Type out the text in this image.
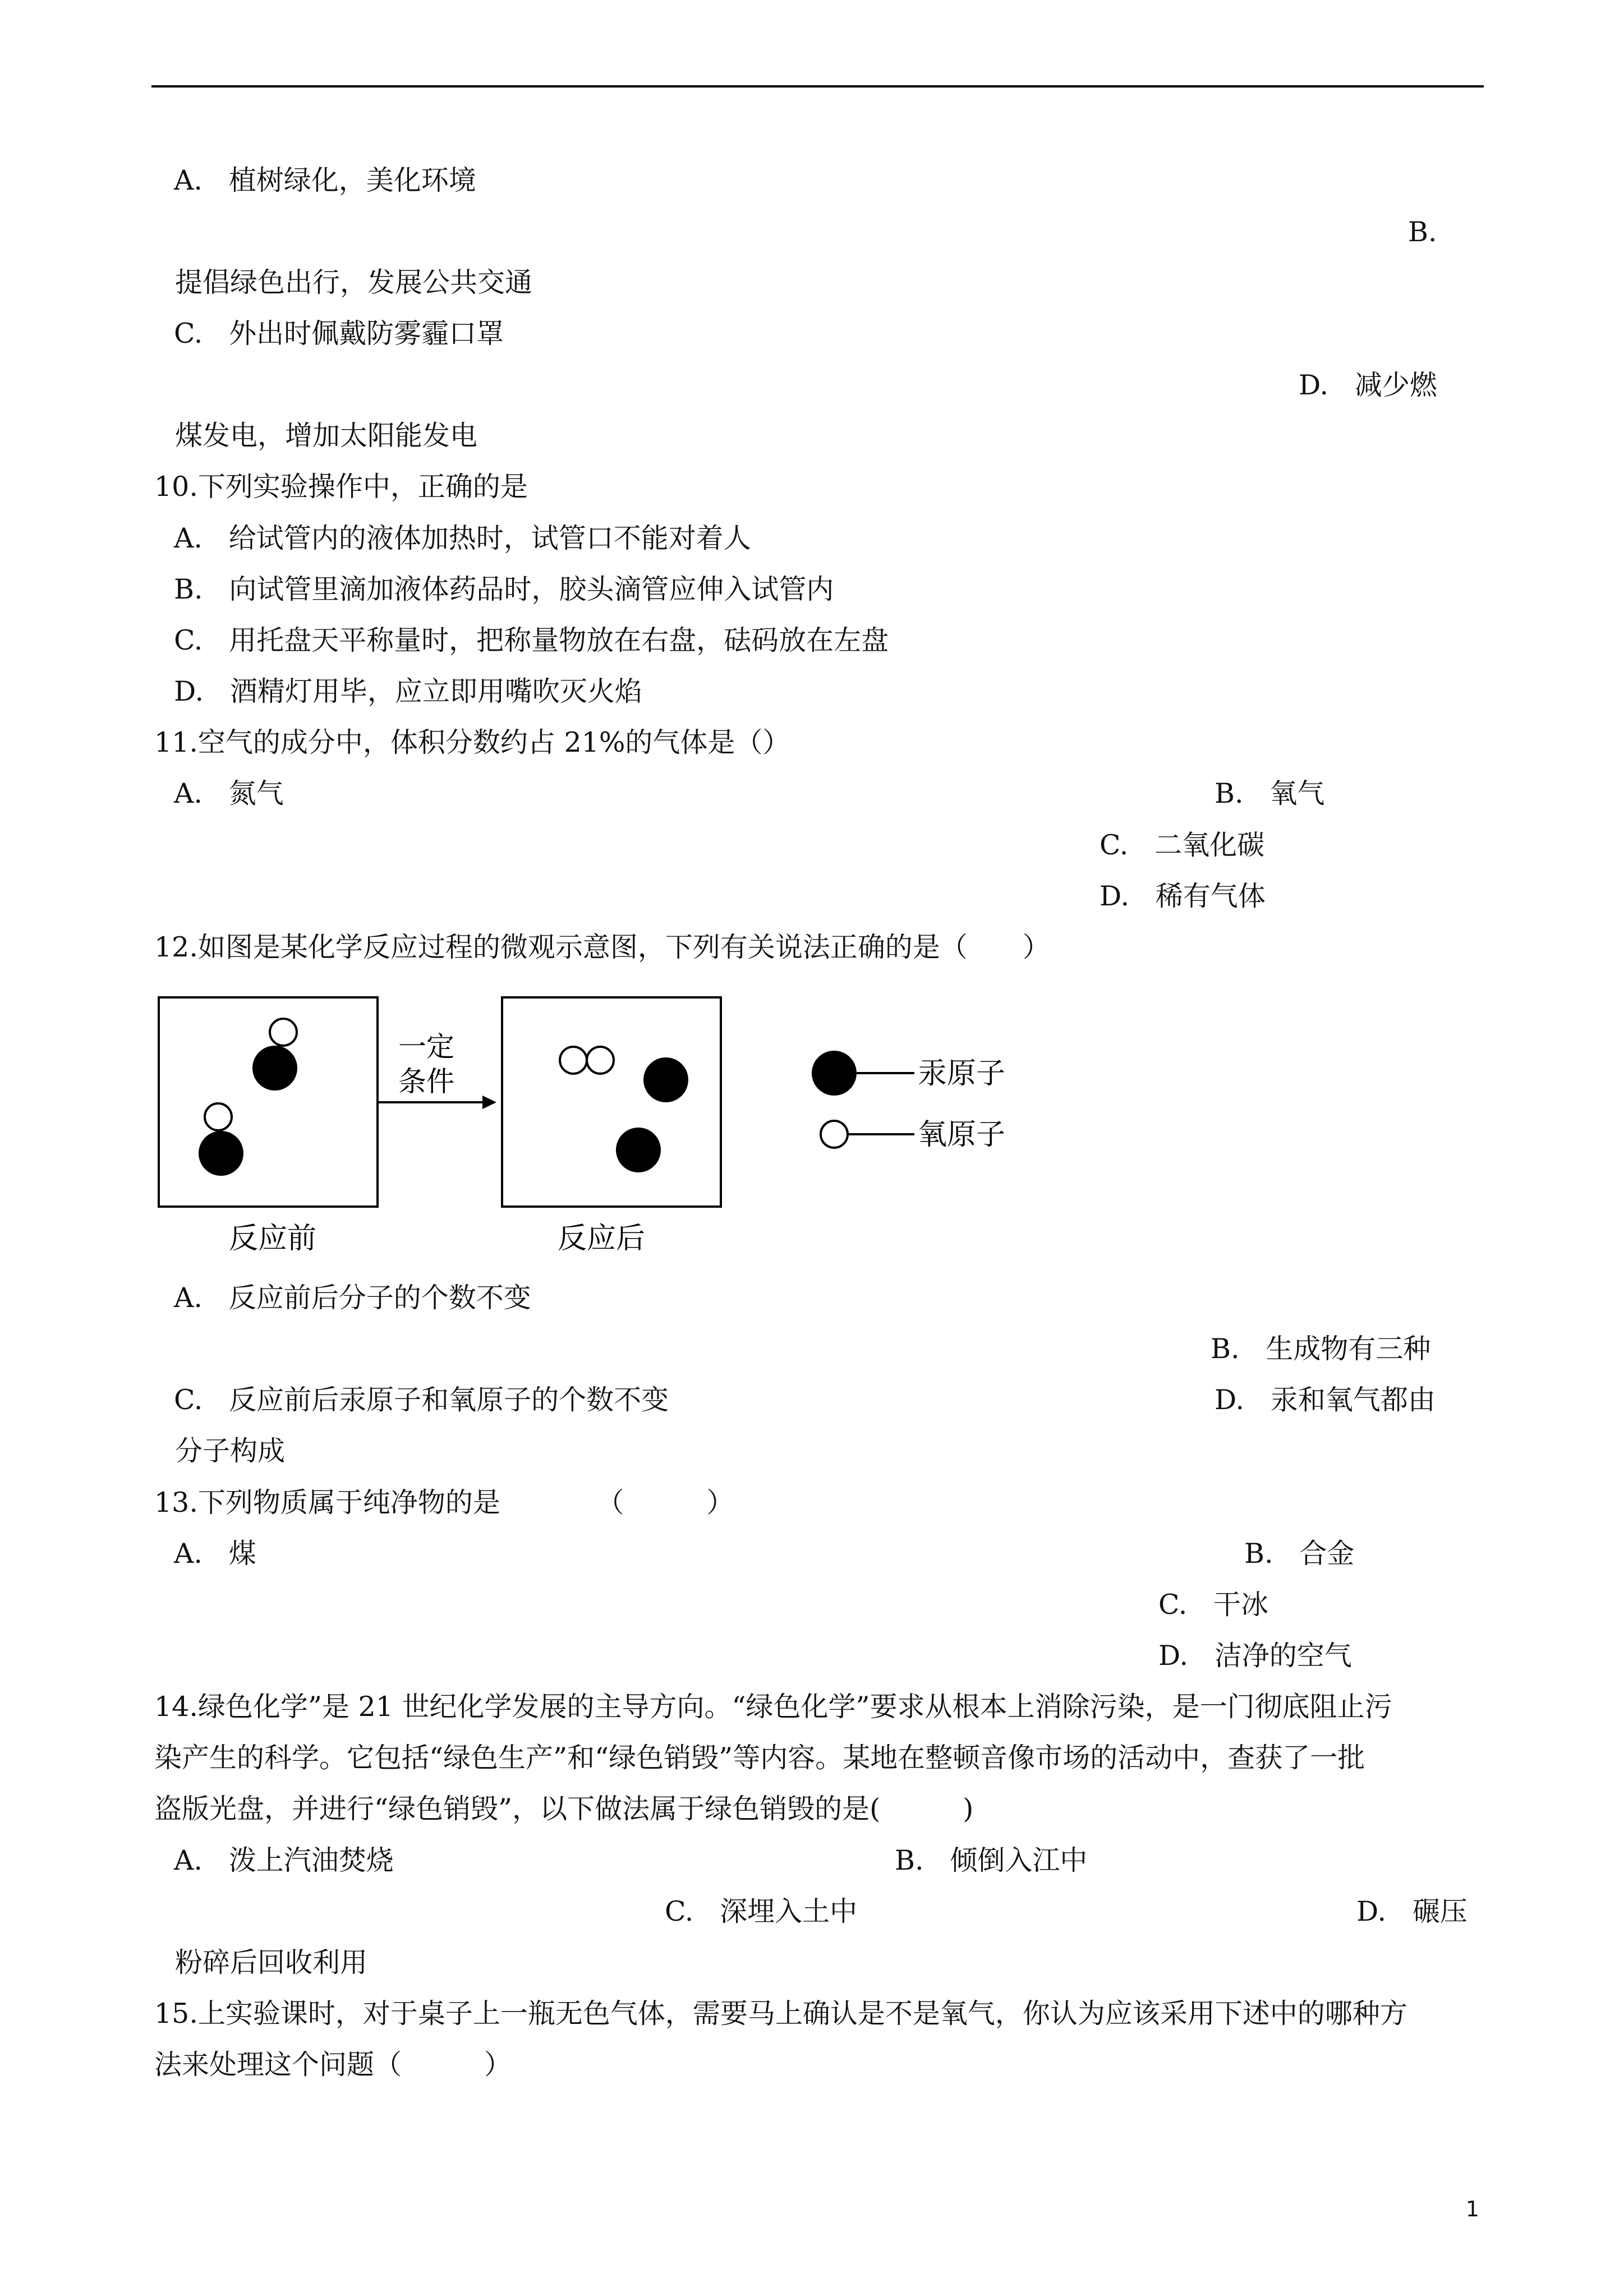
A. 植树绿化，美化环境
B.
提倡绿色出行，发展公共交通
C. 外出时佩戴防雾霾口罩
D. 减少燃
煤发电，增加太阳能发电
10.下列实验操作中，正确的是
A. 给试管内的液体加热时，试管口不能对着人
B. 向试管里滴加液体药品时，胶头滴管应伸入试管内
C. 用托盘天平称量时，把称量物放在右盘，砝码放在左盘
D. 酒精灯用毕，应立即用嘴吹灭火焰
11.空气的成分中，体积分数约占 21%的气体是（）
A. 氮气	B. 氧气
C. 二氧化碳
D. 稀有气体
12.如图是某化学反应过程的微观示意图，下列有关说法正确的是（　　）
一定
条件
反应前	反应后
汞原子
氧原子
A. 反应前后分子的个数不变
B. 生成物有三种
C. 反应前后汞原子和氧原子的个数不变	D. 汞和氧气都由
分子构成
13.下列物质属于纯净物的是　　　　（　　　）
A. 煤	B. 合金
C. 干冰
D. 洁净的空气
14.绿色化学”是 21 世纪化学发展的主导方向。“绿色化学”要求从根本上消除污染，是一门彻底阻止污
染产生的科学。它包括“绿色生产”和“绿色销毁”等内容。某地在整顿音像市场的活动中，查获了一批
盗版光盘，并进行“绿色销毁”，以下做法属于绿色销毁的是(　　　)
A. 泼上汽油焚烧	B. 倾倒入江中
C. 深埋入土中	D. 碾压
粉碎后回收利用
15.上实验课时，对于桌子上一瓶无色气体，需要马上确认是不是氧气，你认为应该采用下述中的哪种方
法来处理这个问题（　　　）
1
